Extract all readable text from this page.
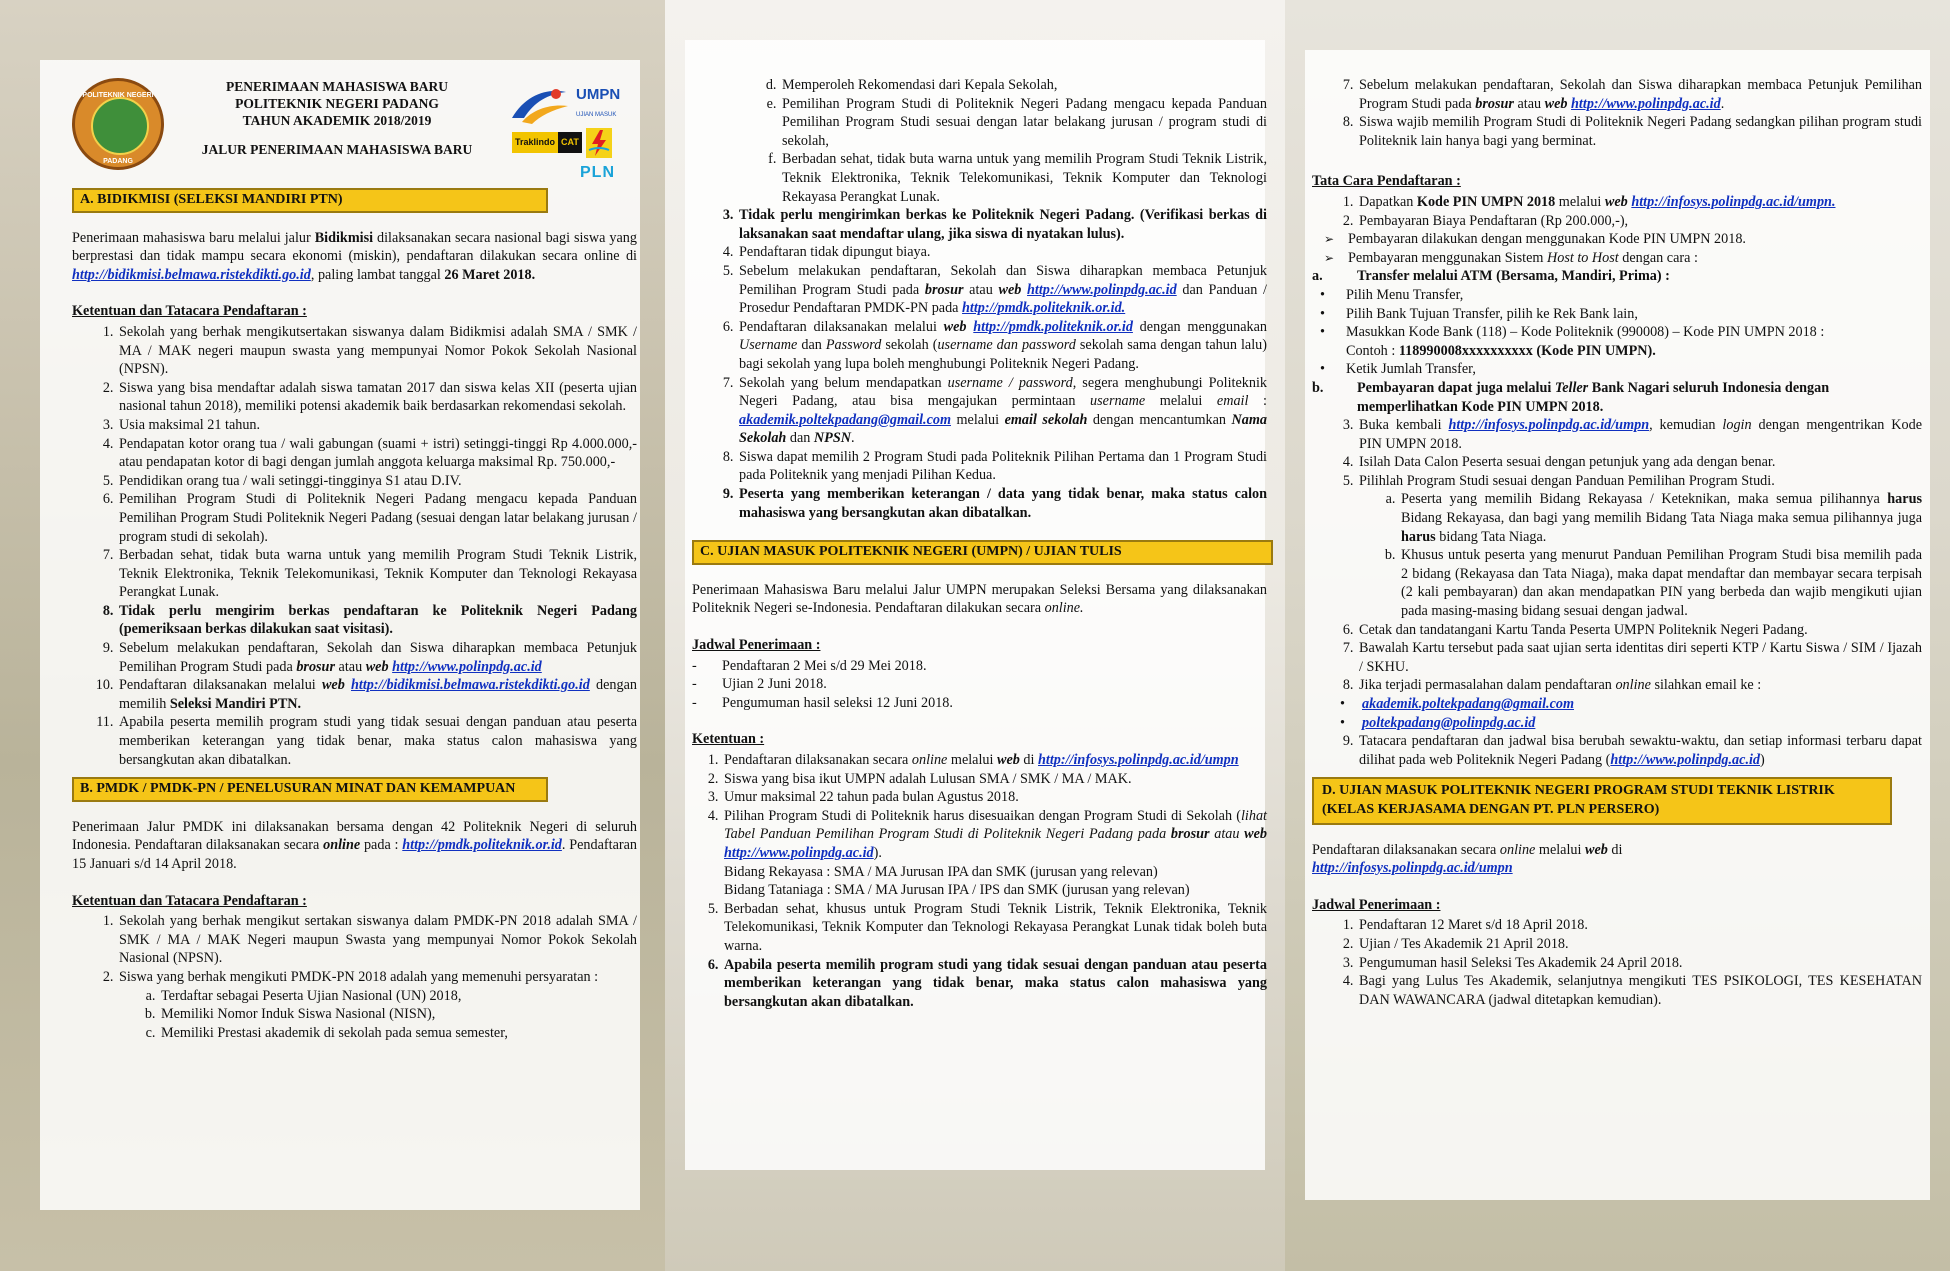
POLITEKNIK NEGERI
PADANG
PENERIMAAN MAHASISWA BARU
POLITEKNIK NEGERI PADANG
TAHUN AKADEMIK 2018/2019
JALUR PENERIMAAN MAHASISWA BARU
UMPN
UJIAN MASUK
Traklindo CAT
PLN
A. BIDIKMISI (SELEKSI MANDIRI PTN)

Penerimaan mahasiswa baru melalui jalur Bidikmisi dilaksanakan secara nasional bagi siswa yang berprestasi dan tidak mampu secara ekonomi (miskin), pendaftaran dilakukan secara online di http://bidikmisi.belmawa.ristekdikti.go.id, paling lambat tanggal 26 Maret 2018.

Ketentuan dan Tatacara Pendaftaran :

1. Sekolah yang berhak mengikutsertakan siswanya dalam Bidikmisi adalah SMA / SMK / MA / MAK negeri maupun swasta yang mempunyai Nomor Pokok Sekolah Nasional (NPSN).
2. Siswa yang bisa mendaftar adalah siswa tamatan 2017 dan siswa kelas XII (peserta ujian nasional tahun 2018), memiliki potensi akademik baik berdasarkan rekomendasi sekolah.
3. Usia maksimal 21 tahun.
4. Pendapatan kotor orang tua / wali gabungan (suami + istri) setinggi-tinggi Rp 4.000.000,- atau pendapatan kotor di bagi dengan jumlah anggota keluarga maksimal Rp. 750.000,-
5. Pendidikan orang tua / wali setinggi-tingginya S1 atau D.IV.
6. Pemilihan Program Studi di Politeknik Negeri Padang mengacu kepada Panduan Pemilihan Program Studi Politeknik Negeri Padang (sesuai dengan latar belakang jurusan / program studi di sekolah).
7. Berbadan sehat, tidak buta warna untuk yang memilih Program Studi Teknik Listrik, Teknik Elektronika, Teknik Telekomunikasi, Teknik Komputer dan Teknologi Rekayasa Perangkat Lunak.
8. Tidak perlu mengirim berkas pendaftaran ke Politeknik Negeri Padang (pemeriksaan berkas dilakukan saat visitasi).
9. Sebelum melakukan pendaftaran, Sekolah dan Siswa diharapkan membaca Petunjuk Pemilihan Program Studi pada brosur atau web http://www.polinpdg.ac.id
10. Pendaftaran dilaksanakan melalui web http://bidikmisi.belmawa.ristekdikti.go.id dengan memilih Seleksi Mandiri PTN.
11. Apabila peserta memilih program studi yang tidak sesuai dengan panduan atau peserta memberikan keterangan yang tidak benar, maka status calon mahasiswa yang bersangkutan akan dibatalkan.
B. PMDK / PMDK-PN / PENELUSURAN MINAT DAN KEMAMPUAN

Penerimaan Jalur PMDK ini dilaksanakan bersama dengan 42 Politeknik Negeri di seluruh Indonesia. Pendaftaran dilaksanakan secara online pada : http://pmdk.politeknik.or.id. Pendaftaran 15 Januari s/d 14 April 2018.

Ketentuan dan Tatacara Pendaftaran :

1. Sekolah yang berhak mengikut sertakan siswanya dalam PMDK-PN 2018 adalah SMA / SMK / MA / MAK Negeri maupun Swasta yang mempunyai Nomor Pokok Sekolah Nasional (NPSN).
2. Siswa yang berhak mengikuti PMDK-PN 2018 adalah yang memenuhi persyaratan :
a. Terdaftar sebagai Peserta Ujian Nasional (UN) 2018,
b. Memiliki Nomor Induk Siswa Nasional (NISN),
c. Memiliki Prestasi akademik di sekolah pada semua semester,
d. Memperoleh Rekomendasi dari Kepala Sekolah,
e. Pemilihan Program Studi di Politeknik Negeri Padang mengacu kepada Panduan Pemilihan Program Studi sesuai dengan latar belakang jurusan / program studi di sekolah,
f. Berbadan sehat, tidak buta warna untuk yang memilih Program Studi Teknik Listrik, Teknik Elektronika, Teknik Telekomunikasi, Teknik Komputer dan Teknologi Rekayasa Perangkat Lunak.
3. Tidak perlu mengirimkan berkas ke Politeknik Negeri Padang. (Verifikasi berkas di laksanakan saat mendaftar ulang, jika siswa di nyatakan lulus).
4. Pendaftaran tidak dipungut biaya.
5. Sebelum melakukan pendaftaran, Sekolah dan Siswa diharapkan membaca Petunjuk Pemilihan Program Studi pada brosur atau web http://www.polinpdg.ac.id dan Panduan / Prosedur Pendaftaran PMDK-PN pada http://pmdk.politeknik.or.id.
6. Pendaftaran dilaksanakan melalui web http://pmdk.politeknik.or.id dengan menggunakan Username dan Password sekolah (username dan password sekolah sama dengan tahun lalu) bagi sekolah yang lupa boleh menghubungi Politeknik Negeri Padang.
7. Sekolah yang belum mendapatkan username / password, segera menghubungi Politeknik Negeri Padang, atau bisa mengajukan permintaan username melalui email : akademik.poltekpadang@gmail.com melalui email sekolah dengan mencantumkan Nama Sekolah dan NPSN.
8. Siswa dapat memilih 2 Program Studi pada Politeknik Pilihan Pertama dan 1 Program Studi pada Politeknik yang menjadi Pilihan Kedua.
9. Peserta yang memberikan keterangan / data yang tidak benar, maka status calon mahasiswa yang bersangkutan akan dibatalkan.
C. UJIAN MASUK POLITEKNIK NEGERI (UMPN) / UJIAN TULIS

Penerimaan Mahasiswa Baru melalui Jalur UMPN merupakan Seleksi Bersama yang dilaksanakan Politeknik Negeri se-Indonesia. Pendaftaran dilakukan secara online.

Jadwal Penerimaan :

- Pendaftaran 2 Mei s/d 29 Mei 2018.
- Ujian 2 Juni 2018.
- Pengumuman hasil seleksi 12 Juni 2018.

Ketentuan :

1. Pendaftaran dilaksanakan secara online melalui web di http://infosys.polinpdg.ac.id/umpn
2. Siswa yang bisa ikut UMPN adalah Lulusan SMA / SMK / MA / MAK.
3. Umur maksimal 22 tahun pada bulan Agustus 2018.
4. Pilihan Program Studi di Politeknik harus disesuaikan dengan Program Studi di Sekolah (lihat Tabel Panduan Pemilihan Program Studi di Politeknik Negeri Padang pada brosur atau web http://www.polinpdg.ac.id).
Bidang Rekayasa : SMA / MA Jurusan IPA dan SMK (jurusan yang relevan)
Bidang Tataniaga : SMA / MA Jurusan IPA / IPS dan SMK (jurusan yang relevan)
5. Berbadan sehat, khusus untuk Program Studi Teknik Listrik, Teknik Elektronika, Teknik Telekomunikasi, Teknik Komputer dan Teknologi Rekayasa Perangkat Lunak tidak boleh buta warna.
6. Apabila peserta memilih program studi yang tidak sesuai dengan panduan atau peserta memberikan keterangan yang tidak benar, maka status calon mahasiswa yang bersangkutan akan dibatalkan.
7. Sebelum melakukan pendaftaran, Sekolah dan Siswa diharapkan membaca Petunjuk Pemilihan Program Studi pada brosur atau web http://www.polinpdg.ac.id.
8. Siswa wajib memilih Program Studi di Politeknik Negeri Padang sedangkan pilihan program studi Politeknik lain hanya bagi yang berminat.

Tata Cara Pendaftaran :

1. Dapatkan Kode PIN UMPN 2018 melalui web http://infosys.polinpdg.ac.id/umpn.
2. Pembayaran Biaya Pendaftaran (Rp 200.000,-),
➢ Pembayaran dilakukan dengan menggunakan Kode PIN UMPN 2018.
➢ Pembayaran menggunakan Sistem Host to Host dengan cara :
a. Transfer melalui ATM (Bersama, Mandiri, Prima) :
• Pilih Menu Transfer,
• Pilih Bank Tujuan Transfer, pilih ke Rek Bank lain,
• Masukkan Kode Bank (118) – Kode Politeknik (990008) – Kode PIN UMPN 2018 :
Contoh : 118990008xxxxxxxxxx (Kode PIN UMPN).
• Ketik Jumlah Transfer,
b. Pembayaran dapat juga melalui Teller Bank Nagari seluruh Indonesia dengan memperlihatkan Kode PIN UMPN 2018.
3. Buka kembali http://infosys.polinpdg.ac.id/umpn, kemudian login dengan mengentrikan Kode PIN UMPN 2018.
4. Isilah Data Calon Peserta sesuai dengan petunjuk yang ada dengan benar.
5. Pilihlah Program Studi sesuai dengan Panduan Pemilihan Program Studi.
a. Peserta yang memilih Bidang Rekayasa / Keteknikan, maka semua pilihannya harus Bidang Rekayasa, dan bagi yang memilih Bidang Tata Niaga maka semua pilihannya juga harus bidang Tata Niaga.
b. Khusus untuk peserta yang menurut Panduan Pemilihan Program Studi bisa memilih pada 2 bidang (Rekayasa dan Tata Niaga), maka dapat mendaftar dan membayar secara terpisah (2 kali pembayaran) dan akan mendapatkan PIN yang berbeda dan wajib mengikuti ujian pada masing-masing bidang sesuai dengan jadwal.
6. Cetak dan tandatangani Kartu Tanda Peserta UMPN Politeknik Negeri Padang.
7. Bawalah Kartu tersebut pada saat ujian serta identitas diri seperti KTP / Kartu Siswa / SIM / Ijazah / SKHU.
8. Jika terjadi permasalahan dalam pendaftaran online silahkan email ke :
• akademik.poltekpadang@gmail.com
• poltekpadang@polinpdg.ac.id
9. Tatacara pendaftaran dan jadwal bisa berubah sewaktu-waktu, dan setiap informasi terbaru dapat dilihat pada web Politeknik Negeri Padang (http://www.polinpdg.ac.id)
D. UJIAN MASUK POLITEKNIK NEGERI PROGRAM STUDI TEKNIK LISTRIK (KELAS KERJASAMA DENGAN PT. PLN PERSERO)

Pendaftaran dilaksanakan secara online melalui web di
http://infosys.polinpdg.ac.id/umpn

Jadwal Penerimaan :

1. Pendaftaran 12 Maret s/d 18 April 2018.
2. Ujian / Tes Akademik 21 April 2018.
3. Pengumuman hasil Seleksi Tes Akademik 24 April 2018.
4. Bagi yang Lulus Tes Akademik, selanjutnya mengikuti TES PSIKOLOGI, TES KESEHATAN DAN WAWANCARA (jadwal ditetapkan kemudian).
